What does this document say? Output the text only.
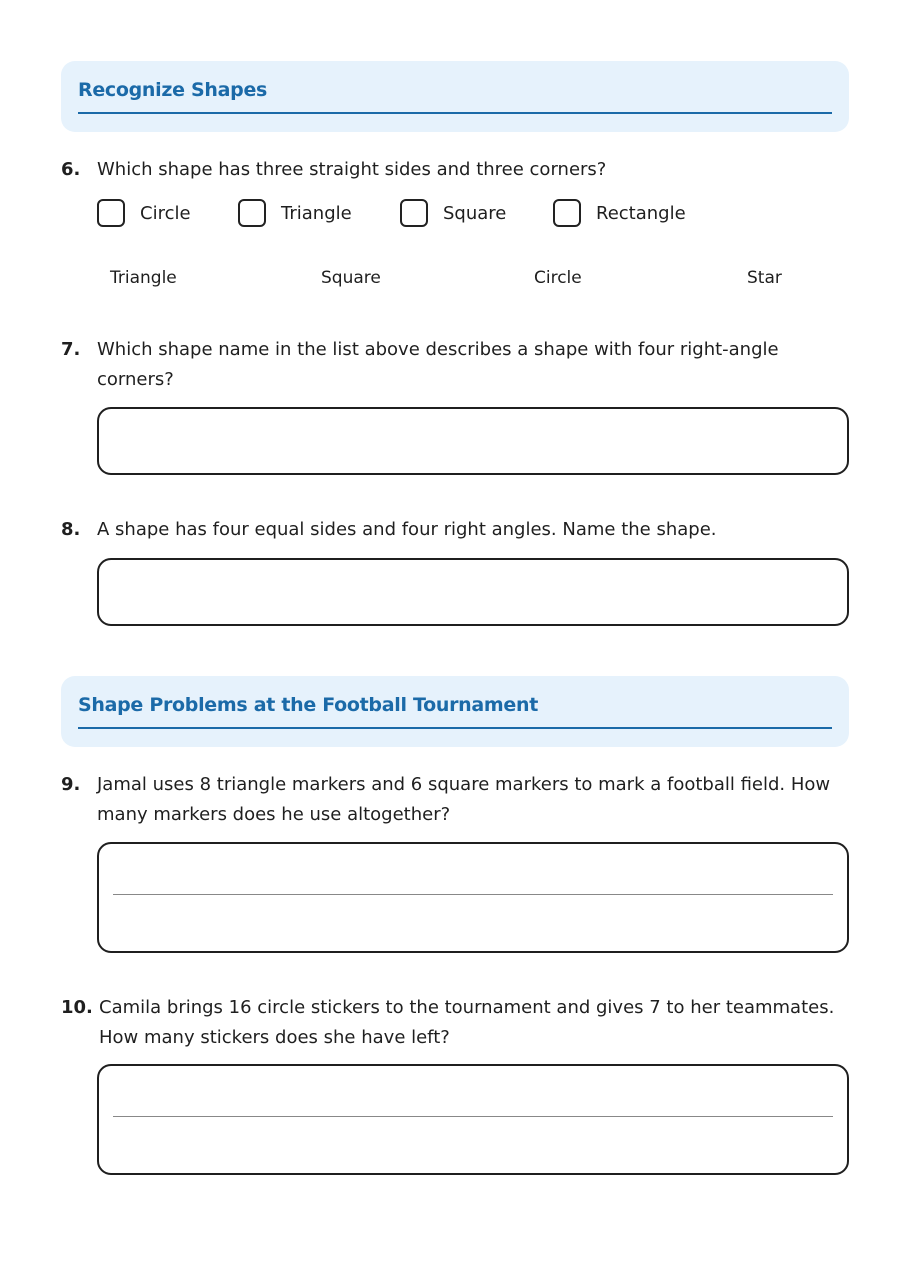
Recognize Shapes
6. Which shape has three straight sides and three corners?
Circle	Triangle	Square	Rectangle
Triangle	Square	Circle	Star
7. Which shape name in the list above describes a shape with four right-angle corners?
8. A shape has four equal sides and four right angles. Name the shape.
Shape Problems at the Football Tournament
9. Jamal uses 8 triangle markers and 6 square markers to mark a football field. How many markers does he use altogether?
10. Camila brings 16 circle stickers to the tournament and gives 7 to her teammates. How many stickers does she have left?
